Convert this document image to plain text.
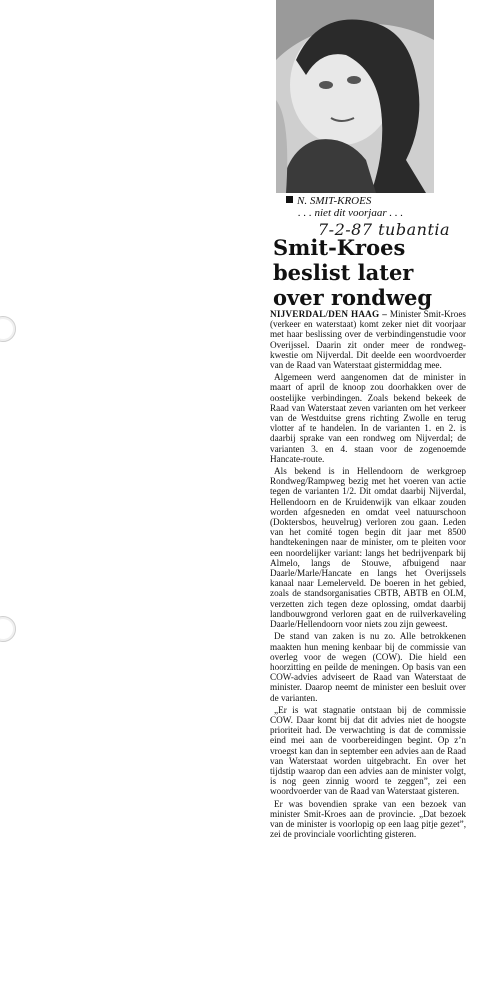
N. SMIT-KROES
. . . niet dit voorjaar . . .
7-2-87 tubantia
Smit-Kroes
beslist later
over rondweg

NIJVERDAL/DEN HAAG – Minister Smit-Kroes (verkeer en waterstaat) komt zeker niet dit voorjaar met haar beslissing over de verbindingenstudie voor Overijssel. Daarin zit onder meer de rondweg-kwestie om Nijverdal. Dit deelde een woordvoerder van de Raad van Waterstaat gistermiddag mee.

Algemeen werd aangenomen dat de minister in maart of april de knoop zou doorhakken over de oostelijke verbindingen. Zoals bekend bekeek de Raad van Waterstaat zeven varianten om het verkeer van de Westduitse grens richting Zwolle en terug vlotter af te handelen. In de varianten 1. en 2. is daarbij sprake van een rondweg om Nijverdal; de varianten 3. en 4. staan voor de zogenoemde Hancate-route.

Als bekend is in Hellendoorn de werkgroep Rondweg/Rampweg bezig met het voeren van actie tegen de varianten 1/2. Dit omdat daarbij Nijverdal, Hellendoorn en de Kruidenwijk van elkaar zouden worden afgesneden en omdat veel natuurschoon (Doktersbos, heuvelrug) verloren zou gaan. Leden van het comité togen begin dit jaar met 8500 handtekeningen naar de minister, om te pleiten voor een noordelijker variant: langs het bedrijvenpark bij Almelo, langs de Stouwe, afbuigend naar Daarle/Marle/Hancate en langs het Overijssels kanaal naar Lemelerveld. De boeren in het gebied, zoals de standsorganisaties CBTB, ABTB en OLM, verzetten zich tegen deze oplossing, omdat daarbij landbouwgrond verloren gaat en de ruilverkaveling Daarle/Hellendoorn voor niets zou zijn geweest.

De stand van zaken is nu zo. Alle betrokkenen maakten hun mening kenbaar bij de commissie van overleg voor de wegen (COW). Die hield een hoorzitting en peilde de meningen. Op basis van een COW-advies adviseert de Raad van Waterstaat de minister. Daarop neemt de minister een besluit over de varianten.

„Er is wat stagnatie ontstaan bij de commissie COW. Daar komt bij dat dit advies niet de hoogste prioriteit had. De verwachting is dat de commissie eind mei aan de voorbereidingen begint. Op z’n vroegst kan dan in september een advies aan de Raad van Waterstaat worden uitgebracht. En over het tijdstip waarop dan een advies aan de minister volgt, is nog geen zinnig woord te zeggen”, zei een woordvoerder van de Raad van Waterstaat gisteren.

Er was bovendien sprake van een bezoek van minister Smit-Kroes aan de provincie. „Dat bezoek van de minister is voorlopig op een laag pitje gezet”, zei de provinciale voorlichting gisteren.
